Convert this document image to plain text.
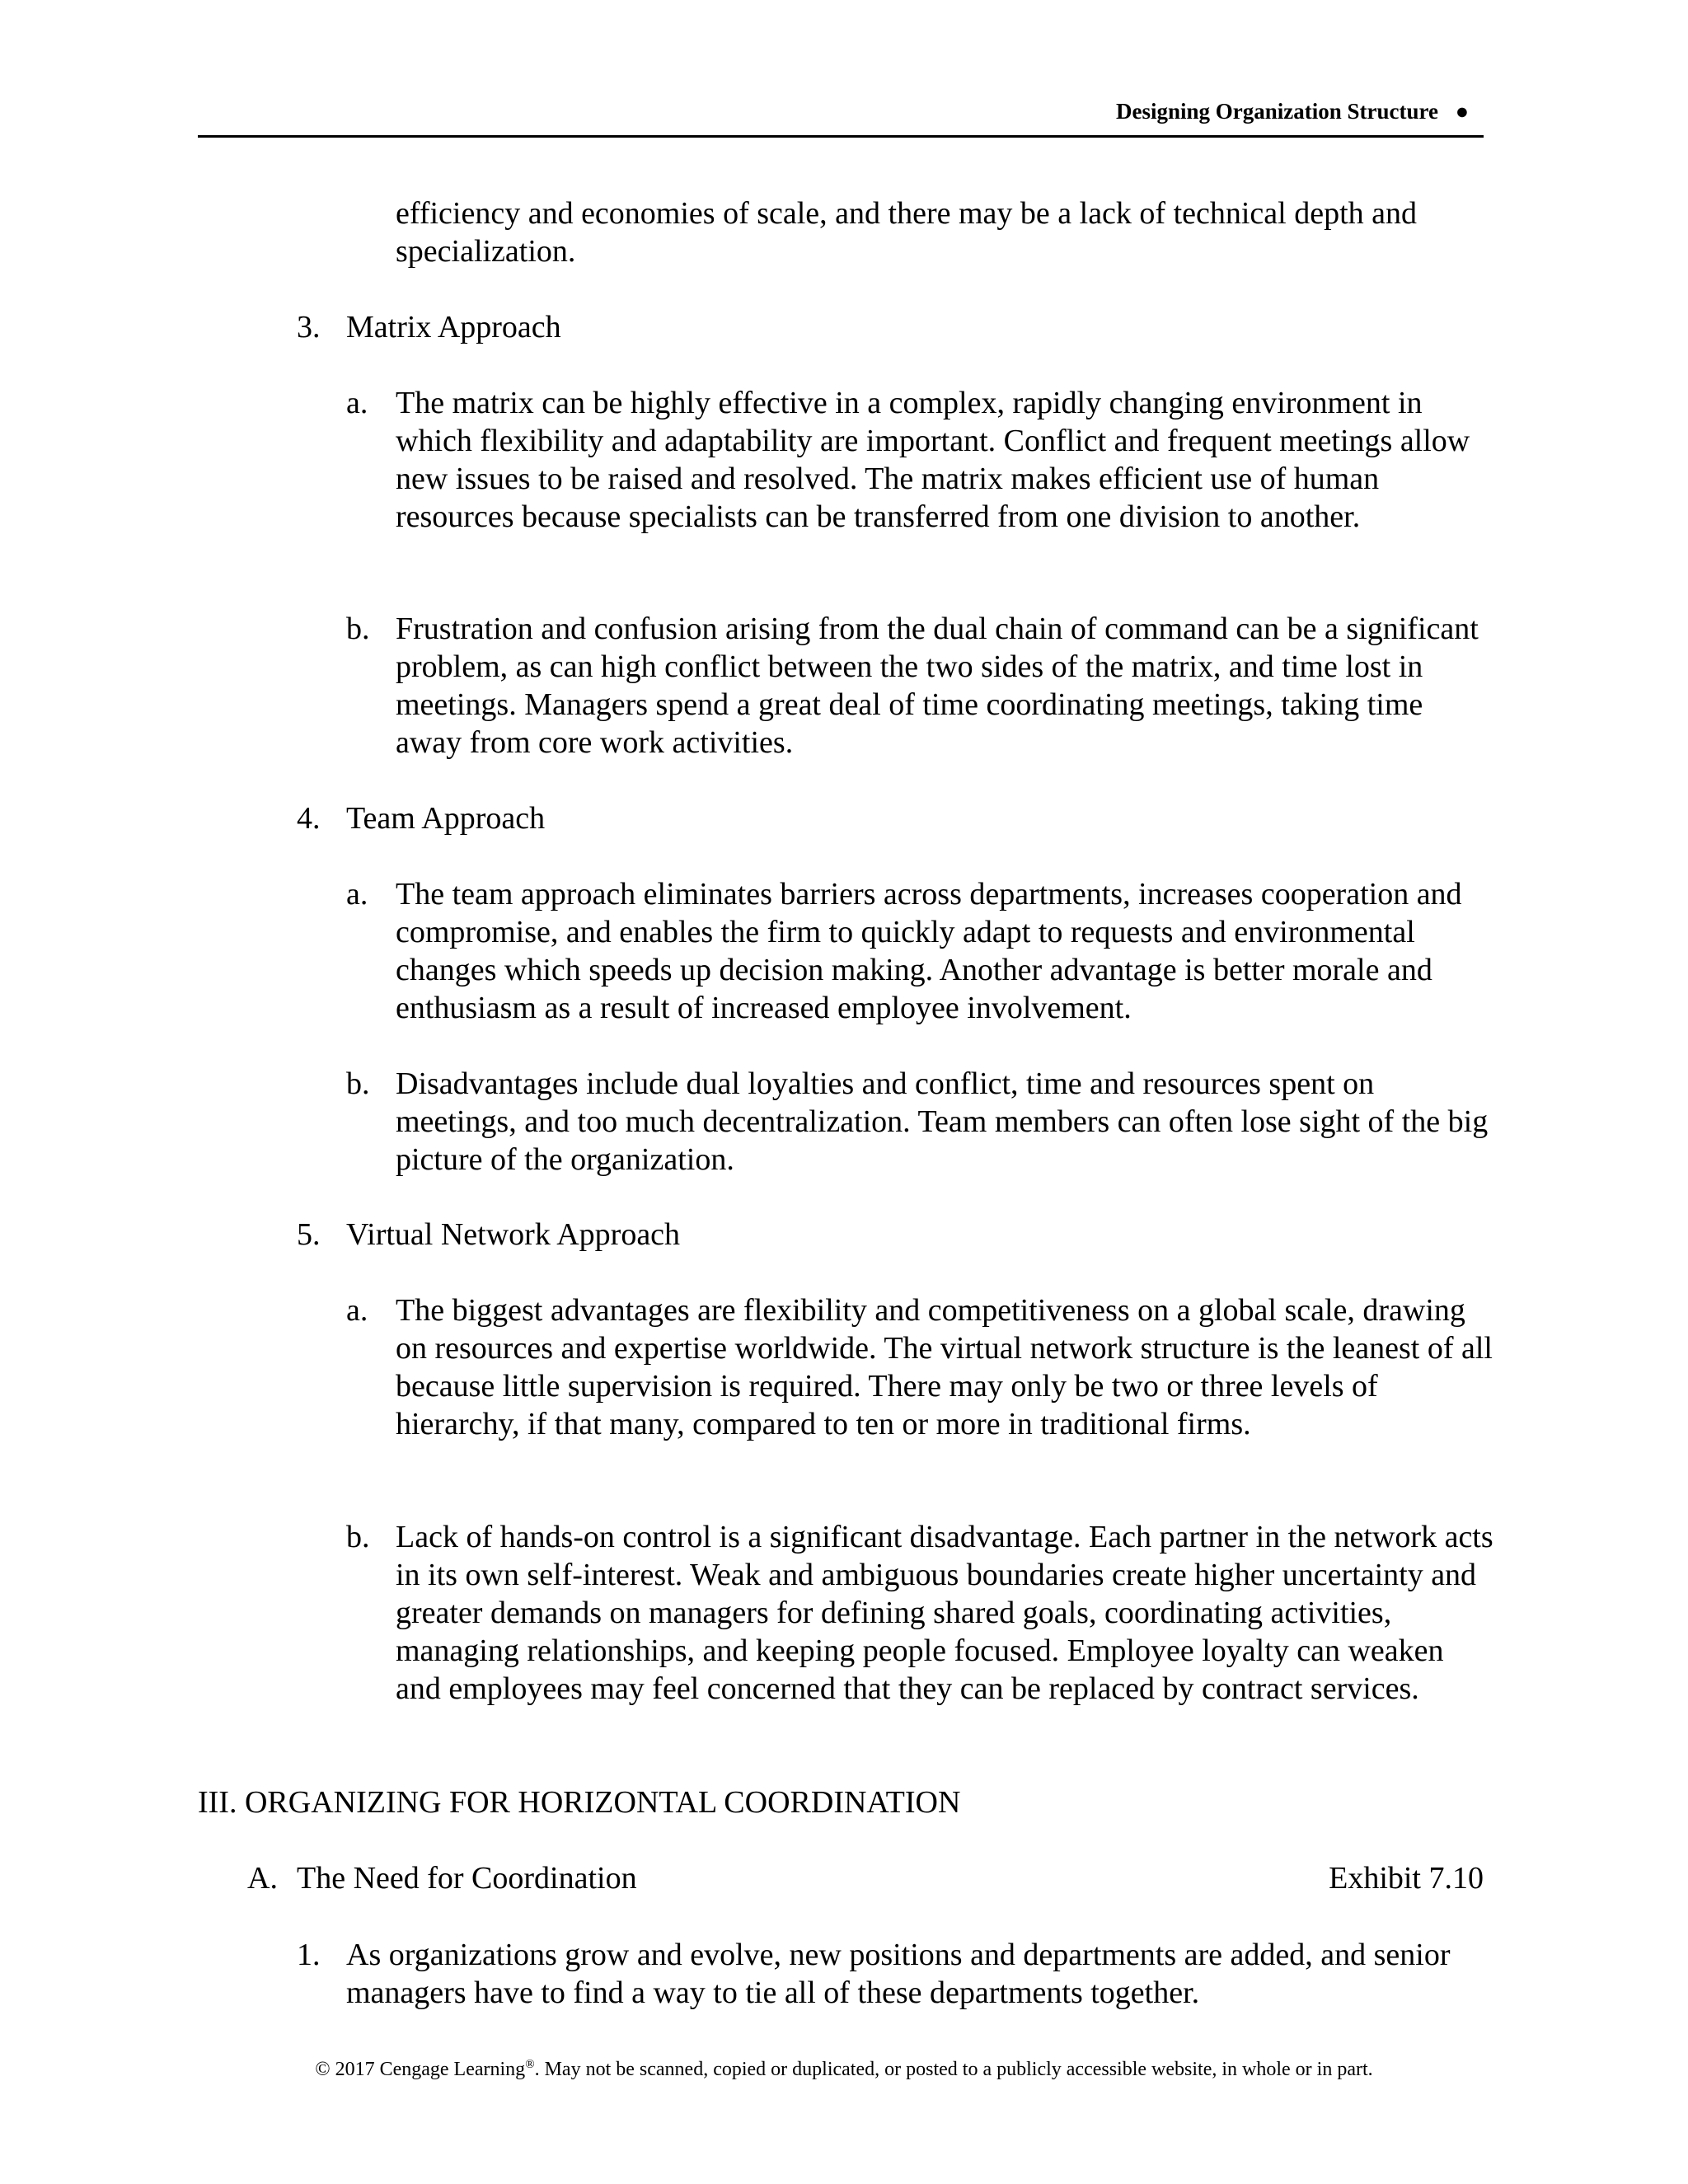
Designing Organization Structure ●

efficiency and economies of scale, and there may be a lack of technical depth and specialization.

3. Matrix Approach
a. The matrix can be highly effective in a complex, rapidly changing environment in which flexibility and adaptability are important. Conflict and frequent meetings allow new issues to be raised and resolved. The matrix makes efficient use of human resources because specialists can be transferred from one division to another.

b. Frustration and confusion arising from the dual chain of command can be a significant problem, as can high conflict between the two sides of the matrix, and time lost in meetings. Managers spend a great deal of time coordinating meetings, taking time away from core work activities.

4. Team Approach
a. The team approach eliminates barriers across departments, increases cooperation and compromise, and enables the firm to quickly adapt to requests and environmental changes which speeds up decision making. Another advantage is better morale and enthusiasm as a result of increased employee involvement.

b. Disadvantages include dual loyalties and conflict, time and resources spent on meetings, and too much decentralization. Team members can often lose sight of the big picture of the organization.

5. Virtual Network Approach
a. The biggest advantages are flexibility and competitiveness on a global scale, drawing on resources and expertise worldwide. The virtual network structure is the leanest of all because little supervision is required. There may only be two or three levels of hierarchy, if that many, compared to ten or more in traditional firms.

b. Lack of hands-on control is a significant disadvantage. Each partner in the network acts in its own self-interest. Weak and ambiguous boundaries create higher uncertainty and greater demands on managers for defining shared goals, coordinating activities, managing relationships, and keeping people focused. Employee loyalty can weaken and employees may feel concerned that they can be replaced by contract services.

III. ORGANIZING FOR HORIZONTAL COORDINATION
A. The Need for Coordination	Exhibit 7.10
1. As organizations grow and evolve, new positions and departments are added, and senior managers have to find a way to tie all of these departments together.

© 2017 Cengage Learning®. May not be scanned, copied or duplicated, or posted to a publicly accessible website, in whole or in part.
